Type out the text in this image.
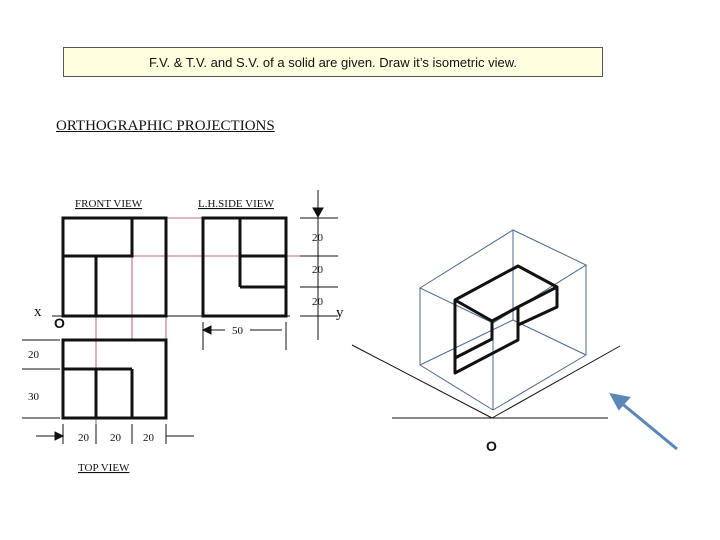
F.V. & T.V. and S.V. of a solid are given. Draw it’s isometric view.
ORTHOGRAPHIC PROJECTIONS
FRONT VIEW	L.H.SIDE VIEW
TOP VIEW
x	y
O
O
20
20
20
50
20
30
20 20 20
